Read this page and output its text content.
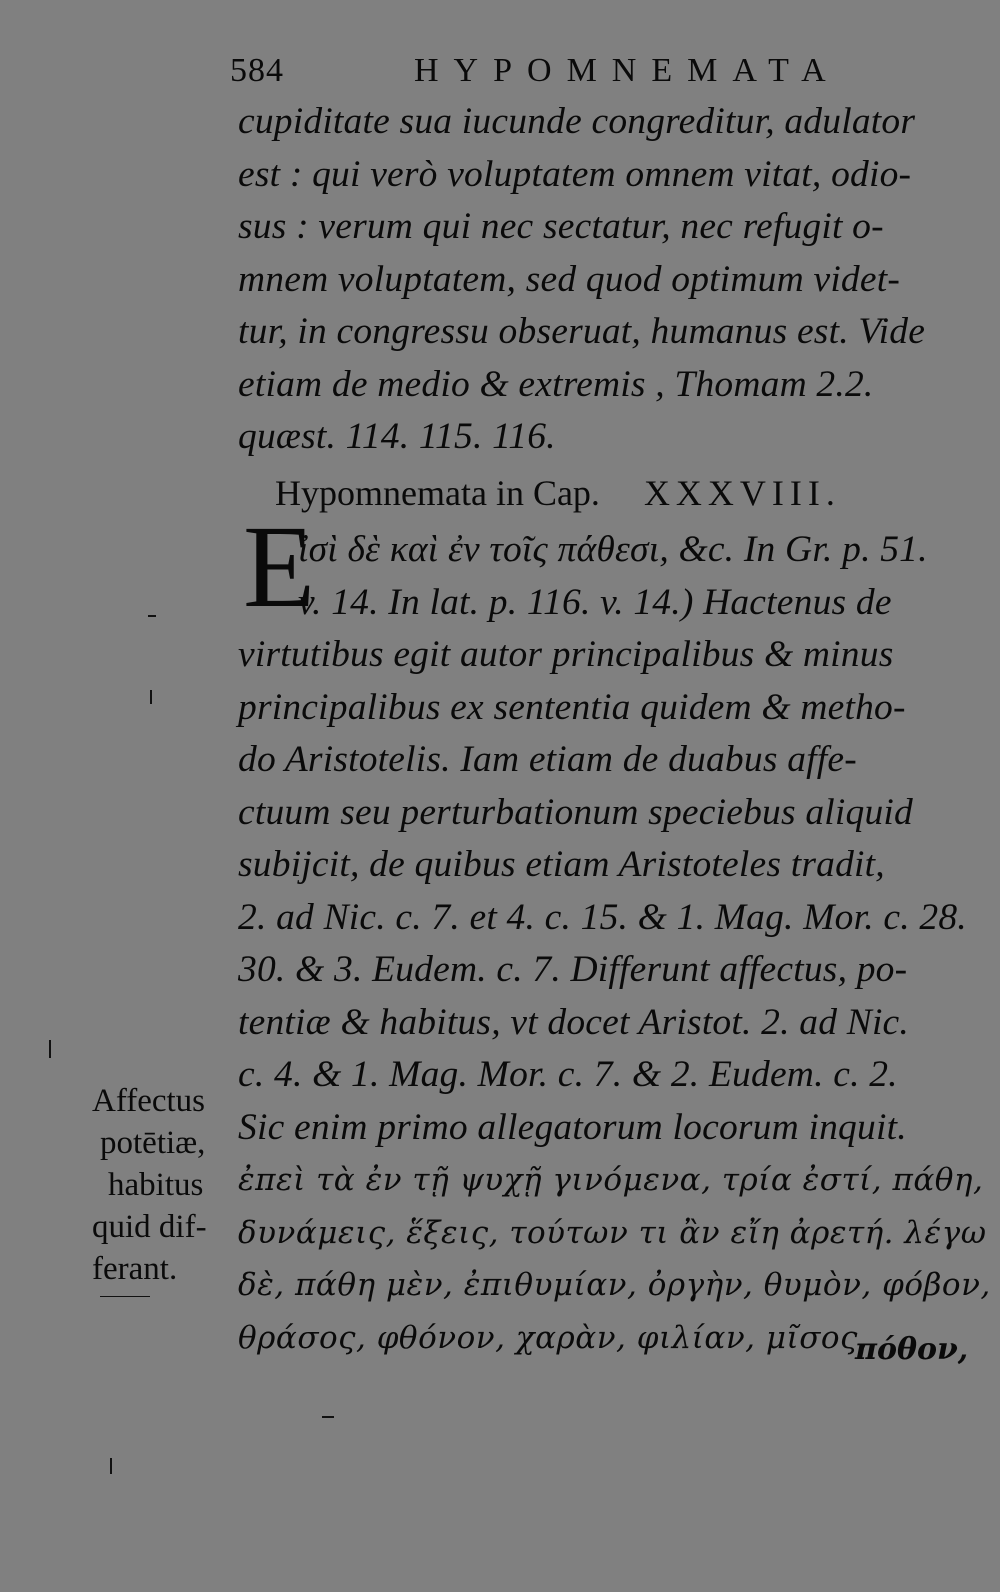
584	HYPOMNEMATA
cupiditate sua iucunde congreditur, adulator
est : qui verò voluptatem omnem vitat, odio-
sus : verum qui nec sectatur, nec refugit o-
mnem voluptatem, sed quod optimum videt-
tur, in congressu obseruat, humanus est. Vide
etiam de medio & extremis , Thomam 2.2.
quæst. 114. 115. 116.
Hypomnemata in Cap. XXXVIII.
E
ἰσὶ δὲ καὶ ἐν τοῖς πάθεσι, &c. In Gr. p. 51.
v. 14. In lat. p. 116. v. 14.) Hactenus de
virtutibus egit autor principalibus & minus
principalibus ex sententia quidem & metho-
do Aristotelis. Iam etiam de duabus affe-
ctuum seu perturbationum speciebus aliquid
subijcit, de quibus etiam Aristoteles tradit,
2. ad Nic. c. 7. et 4. c. 15. & 1. Mag. Mor. c. 28.
30. & 3. Eudem. c. 7. Differunt affectus, po-
tentiæ & habitus, vt docet Aristot. 2. ad Nic.
c. 4. & 1. Mag. Mor. c. 7. & 2. Eudem. c. 2.
Sic enim primo allegatorum locorum inquit.
ἐπεὶ τὰ ἐν τῇ ψυχῇ γινόμενα, τρία ἐστί, πάθη,
δυνάμεις, ἕξεις, τούτων τι ἂν εἴη ἀρετή. λέγω
δὲ, πάθη μὲν, ἐπιθυμίαν, ὀργὴν, θυμὸν, φόβον,
θράσος, φθόνον, χαρὰν, φιλίαν, μῖσος,
πόθον,
Affectus
potētiæ,
habitus
quid dif-
ferant.
